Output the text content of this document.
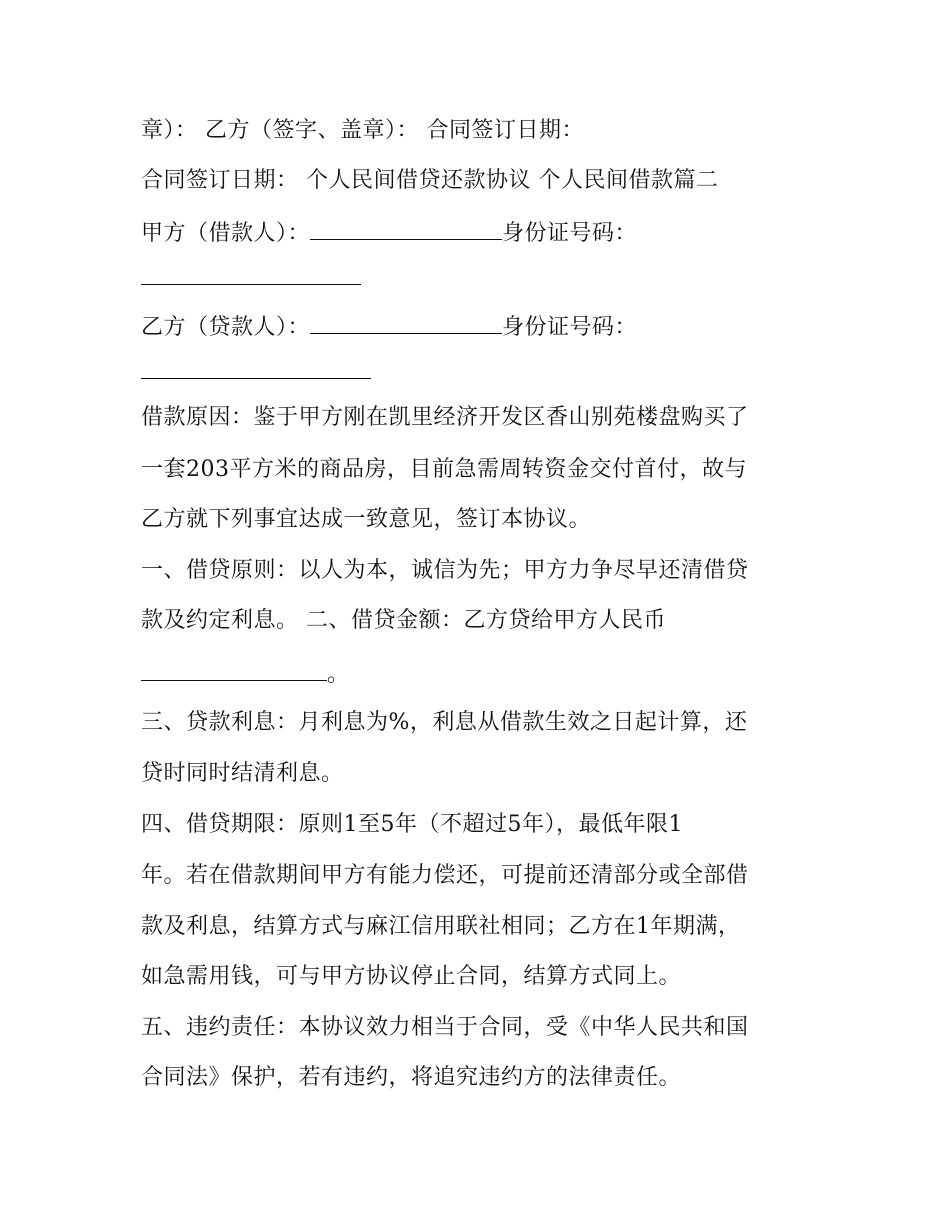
章）： 乙方（签字、盖章）： 合同签订日期：
合同签订日期： 个人民间借贷还款协议 个人民间借款篇二
甲方（借款人）：	身份证号码：
乙方（贷款人）：	身份证号码：
借款原因：鉴于甲方刚在凯里经济开发区香山别苑楼盘购买了
一套203平方米的商品房，目前急需周转资金交付首付，故与
乙方就下列事宜达成一致意见，签订本协议。
一、借贷原则：以人为本，诚信为先；甲方力争尽早还清借贷
款及约定利息。 二、借贷金额：乙方贷给甲方人民币
。
三、贷款利息：月利息为%，利息从借款生效之日起计算，还
贷时同时结清利息。
四、借贷期限：原则1至5年（不超过5年），最低年限1
年。若在借款期间甲方有能力偿还，可提前还清部分或全部借
款及利息，结算方式与麻江信用联社相同；乙方在1年期满，
如急需用钱，可与甲方协议停止合同，结算方式同上。
五、违约责任：本协议效力相当于合同，受《中华人民共和国
合同法》保护，若有违约，将追究违约方的法律责任。
